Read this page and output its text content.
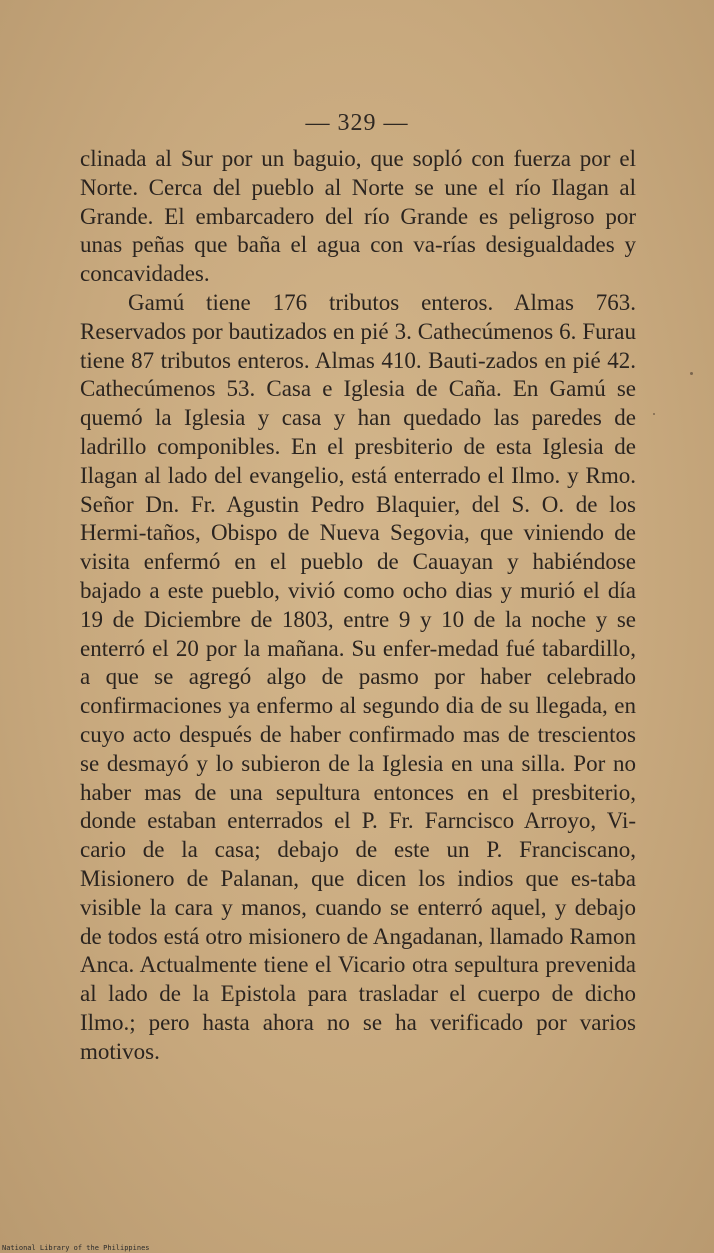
— 329 —

clinada al Sur por un baguio, que sopló con fuerza por el Norte. Cerca del pueblo al Norte se une el río Ilagan al Grande. El embarcadero del río Grande es peligroso por unas peñas que baña el agua con va-rías desigualdades y concavidades.

Gamú tiene 176 tributos enteros. Almas 763. Reservados por bautizados en pié 3. Cathecúmenos 6. Furau tiene 87 tributos enteros. Almas 410. Bauti-zados en pié 42. Cathecúmenos 53. Casa e Iglesia de Caña. En Gamú se quemó la Iglesia y casa y han quedado las paredes de ladrillo componibles. En el presbiterio de esta Iglesia de Ilagan al lado del evangelio, está enterrado el Ilmo. y Rmo. Señor Dn. Fr. Agustin Pedro Blaquier, del S. O. de los Hermi-taños, Obispo de Nueva Segovia, que viniendo de visita enfermó en el pueblo de Cauayan y habiéndose bajado a este pueblo, vivió como ocho dias y murió el día 19 de Diciembre de 1803, entre 9 y 10 de la noche y se enterró el 20 por la mañana. Su enfer-medad fué tabardillo, a que se agregó algo de pasmo por haber celebrado confirmaciones ya enfermo al segundo dia de su llegada, en cuyo acto después de haber confirmado mas de trescientos se desmayó y lo subieron de la Iglesia en una silla. Por no haber mas de una sepultura entonces en el presbiterio, donde estaban enterrados el P. Fr. Farncisco Arroyo, Vi-cario de la casa; debajo de este un P. Franciscano, Misionero de Palanan, que dicen los indios que es-taba visible la cara y manos, cuando se enterró aquel, y debajo de todos está otro misionero de Angadanan, llamado Ramon Anca. Actualmente tiene el Vicario otra sepultura prevenida al lado de la Epistola para trasladar el cuerpo de dicho Ilmo.; pero hasta ahora no se ha verificado por varios motivos.

National Library of the Philippines
